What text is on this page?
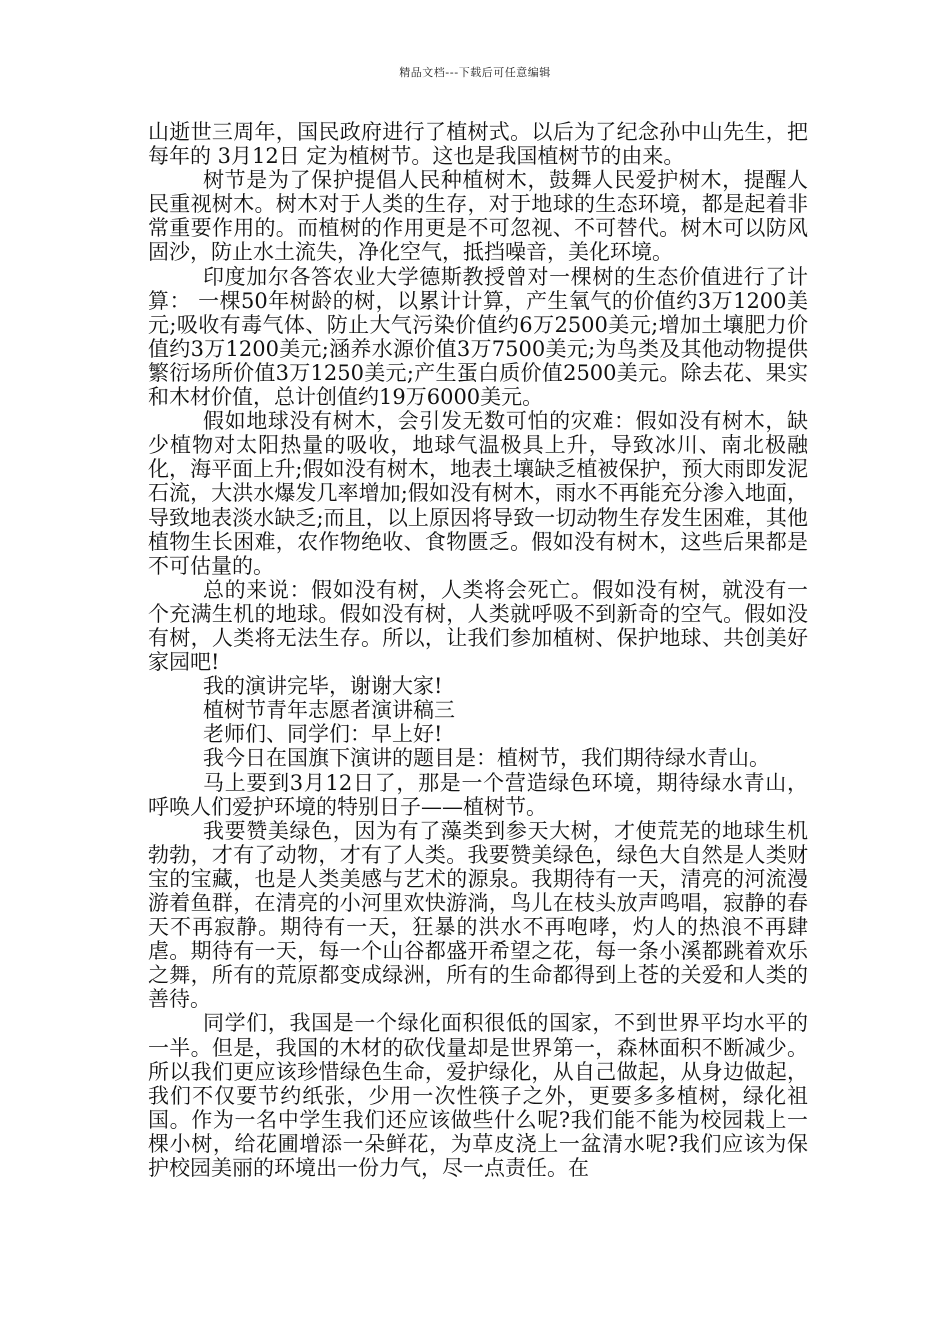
精品文档---下载后可任意编辑

山逝世三周年，国民政府进行了植树式。以后为了纪念孙中山先生，把每年的 3月12日 定为植树节。这也是我国植树节的由来。

树节是为了保护提倡人民种植树木，鼓舞人民爱护树木，提醒人民重视树木。树木对于人类的生存，对于地球的生态环境，都是起着非常重要作用的。而植树的作用更是不可忽视、不可替代。树木可以防风固沙，防止水土流失，净化空气，抵挡噪音，美化环境。

印度加尔各答农业大学德斯教授曾对一棵树的生态价值进行了计算： 一棵50年树龄的树，以累计计算，产生氧气的价值约3万1200美元;吸收有毒气体、防止大气污染价值约6万2500美元;增加土壤肥力价值约3万1200美元;涵养水源价值3万7500美元;为鸟类及其他动物提供繁衍场所价值3万1250美元;产生蛋白质价值2500美元。除去花、果实和木材价值，总计创值约19万6000美元。

假如地球没有树木，会引发无数可怕的灾难：假如没有树木，缺少植物对太阳热量的吸收，地球气温极具上升，导致冰川、南北极融化，海平面上升;假如没有树木，地表土壤缺乏植被保护，预大雨即发泥石流，大洪水爆发几率增加;假如没有树木，雨水不再能充分渗入地面，导致地表淡水缺乏;而且，以上原因将导致一切动物生存发生困难，其他植物生长困难，农作物绝收、食物匮乏。假如没有树木，这些后果都是不可估量的。

总的来说：假如没有树，人类将会死亡。假如没有树，就没有一个充满生机的地球。假如没有树，人类就呼吸不到新奇的空气。假如没有树，人类将无法生存。所以，让我们参加植树、保护地球、共创美好家园吧!

我的演讲完毕，谢谢大家!

植树节青年志愿者演讲稿三

老师们、同学们：早上好!

我今日在国旗下演讲的题目是：植树节，我们期待绿水青山。

马上要到3月12日了，那是一个营造绿色环境，期待绿水青山，呼唤人们爱护环境的特别日子——植树节。

我要赞美绿色，因为有了藻类到参天大树，才使荒芜的地球生机勃勃，才有了动物，才有了人类。我要赞美绿色，绿色大自然是人类财宝的宝藏，也是人类美感与艺术的源泉。我期待有一天，清亮的河流漫游着鱼群，在清亮的小河里欢快游淌，鸟儿在枝头放声鸣唱，寂静的春天不再寂静。期待有一天，狂暴的洪水不再咆哮，灼人的热浪不再肆虐。期待有一天，每一个山谷都盛开希望之花，每一条小溪都跳着欢乐之舞，所有的荒原都变成绿洲，所有的生命都得到上苍的关爱和人类的善待。

同学们，我国是一个绿化面积很低的国家，不到世界平均水平的一半。但是，我国的木材的砍伐量却是世界第一，森林面积不断减少。所以我们更应该珍惜绿色生命，爱护绿化，从自己做起，从身边做起，我们不仅要节约纸张，少用一次性筷子之外，更要多多植树，绿化祖国。作为一名中学生我们还应该做些什么呢?我们能不能为校园栽上一棵小树，给花圃增添一朵鲜花，为草皮浇上一盆清水呢?我们应该为保护校园美丽的环境出一份力气，尽一点责任。在
